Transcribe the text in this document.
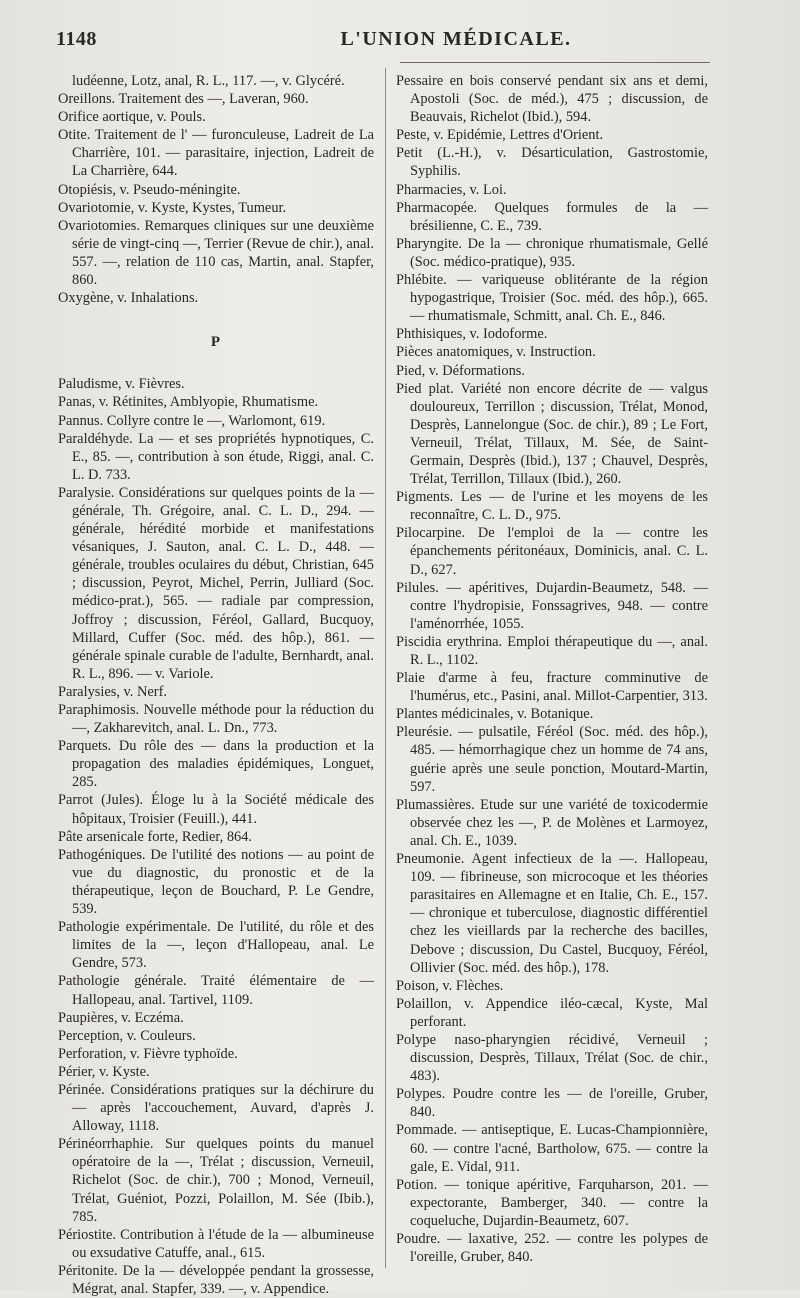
1148	L'UNION MÉDICALE.

ludéenne, Lotz, anal, R. L., 117. —, v. Glycéré.

Oreillons. Traitement des —, Laveran, 960.

Orifice aortique, v. Pouls.

Otite. Traitement de l' — furonculeuse, Ladreit de La Charrière, 101. — parasitaire, injection, Ladreit de La Charrière, 644.

Otopiésis, v. Pseudo-méningite.

Ovariotomie, v. Kyste, Kystes, Tumeur.

Ovariotomies. Remarques cliniques sur une deuxième série de vingt-cinq —, Terrier (Revue de chir.), anal. 557. —, relation de 110 cas, Martin, anal. Stapfer, 860.

Oxygène, v. Inhalations.

P

Paludisme, v. Fièvres.

Panas, v. Rétinites, Amblyopie, Rhumatisme.

Pannus. Collyre contre le —, Warlomont, 619.

Paraldéhyde. La — et ses propriétés hypnotiques, C. E., 85. —, contribution à son étude, Riggi, anal. C. L. D. 733.

Paralysie. Considérations sur quelques points de la — générale, Th. Grégoire, anal. C. L. D., 294. — générale, hérédité morbide et manifestations vésaniques, J. Sauton, anal. C. L. D., 448. — générale, troubles oculaires du début, Christian, 645 ; discussion, Peyrot, Michel, Perrin, Julliard (Soc. médico-prat.), 565. — radiale par compression, Joffroy ; discussion, Féréol, Gallard, Bucquoy, Millard, Cuffer (Soc. méd. des hôp.), 861. — générale spinale curable de l'adulte, Bernhardt, anal. R. L., 896. — v. Variole.

Paralysies, v. Nerf.

Paraphimosis. Nouvelle méthode pour la réduction du —, Zakharevitch, anal. L. Dn., 773.

Parquets. Du rôle des — dans la production et la propagation des maladies épidémiques, Longuet, 285.

Parrot (Jules). Éloge lu à la Société médicale des hôpitaux, Troisier (Feuill.), 441.

Pâte arsenicale forte, Redier, 864.

Pathogéniques. De l'utilité des notions — au point de vue du diagnostic, du pronostic et de la thérapeutique, leçon de Bouchard, P. Le Gendre, 539.

Pathologie expérimentale. De l'utilité, du rôle et des limites de la —, leçon d'Hallopeau, anal. Le Gendre, 573.

Pathologie générale. Traité élémentaire de — Hallopeau, anal. Tartivel, 1109.

Paupières, v. Eczéma.

Perception, v. Couleurs.

Perforation, v. Fièvre typhoïde.

Périer, v. Kyste.

Périnée. Considérations pratiques sur la déchirure du — après l'accouchement, Auvard, d'après J. Alloway, 1118.

Périnéorrhaphie. Sur quelques points du manuel opératoire de la —, Trélat ; discussion, Verneuil, Richelot (Soc. de chir.), 700 ; Monod, Verneuil, Trélat, Guéniot, Pozzi, Polaillon, M. Sée (Ibib.), 785.

Périostite. Contribution à l'étude de la — albumineuse ou exsudative Catuffe, anal., 615.

Péritonite. De la — développée pendant la grossesse, Mégrat, anal. Stapfer, 339. —, v. Appendice.

Pessaire en bois conservé pendant six ans et demi, Apostoli (Soc. de méd.), 475 ; discussion, de Beauvais, Richelot (Ibid.), 594.

Peste, v. Epidémie, Lettres d'Orient.

Petit (L.-H.), v. Désarticulation, Gastrostomie, Syphilis.

Pharmacies, v. Loi.

Pharmacopée. Quelques formules de la — brésilienne, C. E., 739.

Pharyngite. De la — chronique rhumatismale, Gellé (Soc. médico-pratique), 935.

Phlébite. — variqueuse oblitérante de la région hypogastrique, Troisier (Soc. méd. des hôp.), 665. — rhumatismale, Schmitt, anal. Ch. E., 846.

Phthisiques, v. Iodoforme.

Pièces anatomiques, v. Instruction.

Pied, v. Déformations.

Pied plat. Variété non encore décrite de — valgus douloureux, Terrillon ; discussion, Trélat, Monod, Desprès, Lannelongue (Soc. de chir.), 89 ; Le Fort, Verneuil, Trélat, Tillaux, M. Sée, de Saint-Germain, Desprès (Ibid.), 137 ; Chauvel, Desprès, Trélat, Terrillon, Tillaux (Ibid.), 260.

Pigments. Les — de l'urine et les moyens de les reconnaître, C. L. D., 975.

Pilocarpine. De l'emploi de la — contre les épanchements péritonéaux, Dominicis, anal. C. L. D., 627.

Pilules. — apéritives, Dujardin-Beaumetz, 548. — contre l'hydropisie, Fonssagrives, 948. — contre l'aménorrhée, 1055.

Piscidia erythrina. Emploi thérapeutique du —, anal. R. L., 1102.

Plaie d'arme à feu, fracture comminutive de l'humérus, etc., Pasini, anal. Millot-Carpentier, 313.

Plantes médicinales, v. Botanique.

Pleurésie. — pulsatile, Féréol (Soc. méd. des hôp.), 485. — hémorrhagique chez un homme de 74 ans, guérie après une seule ponction, Moutard-Martin, 597.

Plumassières. Etude sur une variété de toxicodermie observée chez les —, P. de Molènes et Larmoyez, anal. Ch. E., 1039.

Pneumonie. Agent infectieux de la —. Hallopeau, 109. — fibrineuse, son microcoque et les théories parasitaires en Allemagne et en Italie, Ch. E., 157. — chronique et tuberculose, diagnostic différentiel chez les vieillards par la recherche des bacilles, Debove ; discussion, Du Castel, Bucquoy, Féréol, Ollivier (Soc. méd. des hôp.), 178.

Poison, v. Flèches.

Polaillon, v. Appendice iléo-cæcal, Kyste, Mal perforant.

Polype naso-pharyngien récidivé, Verneuil ; discussion, Desprès, Tillaux, Trélat (Soc. de chir., 483).

Polypes. Poudre contre les — de l'oreille, Gruber, 840.

Pommade. — antiseptique, E. Lucas-Championnière, 60. — contre l'acné, Bartholow, 675. — contre la gale, E. Vidal, 911.

Potion. — tonique apéritive, Farquharson, 201. — expectorante, Bamberger, 340. — contre la coqueluche, Dujardin-Beaumetz, 607.

Poudre. — laxative, 252. — contre les polypes de l'oreille, Gruber, 840.
